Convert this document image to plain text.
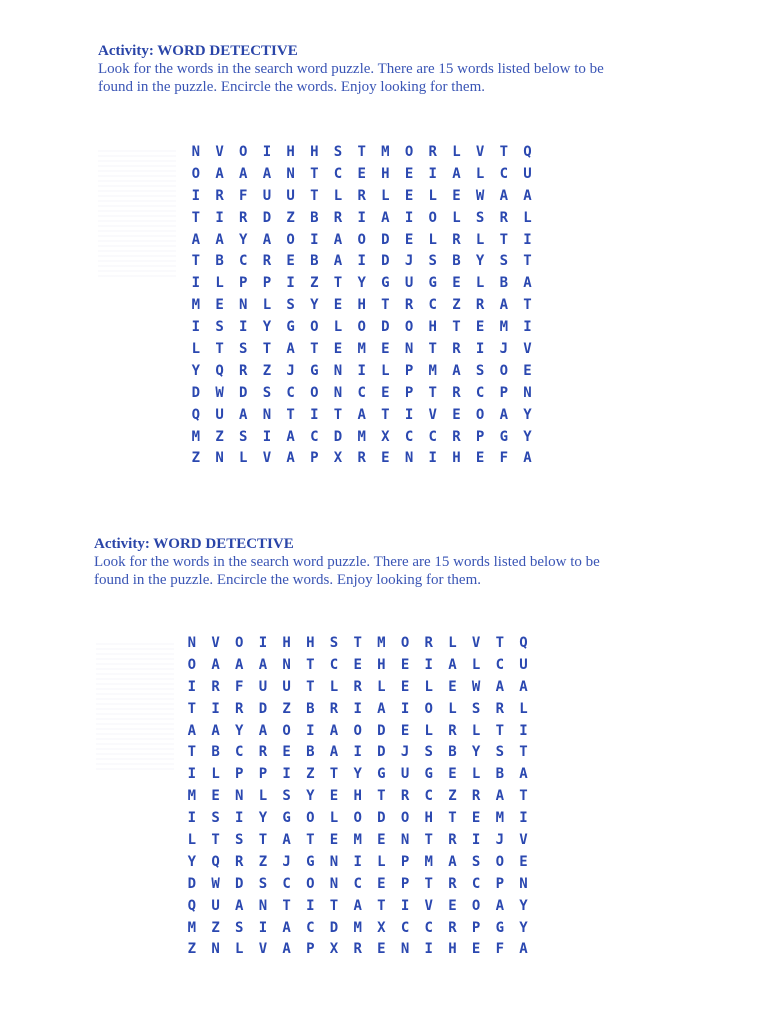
Activity: WORD DETECTIVE
Look for the words in the search word puzzle. There are 15 words listed below to be
found in the puzzle. Encircle the words. Enjoy looking for them.
N	V	O	I	H	H	S	T	M	O	R	L	V	T	Q
O	A	A	A	N	T	C	E	H	E	I	A	L	C	U
I	R	F	U	U	T	L	R	L	E	L	E	W	A	A
T	I	R	D	Z	B	R	I	A	I	O	L	S	R	L
A	A	Y	A	O	I	A	O	D	E	L	R	L	T	I
T	B	C	R	E	B	A	I	D	J	S	B	Y	S	T
I	L	P	P	I	Z	T	Y	G	U	G	E	L	B	A
M	E	N	L	S	Y	E	H	T	R	C	Z	R	A	T
I	S	I	Y	G	O	L	O	D	O	H	T	E	M	I
L	T	S	T	A	T	E	M	E	N	T	R	I	J	V
Y	Q	R	Z	J	G	N	I	L	P	M	A	S	O	E
D	W	D	S	C	O	N	C	E	P	T	R	C	P	N
Q	U	A	N	T	I	T	A	T	I	V	E	O	A	Y
M	Z	S	I	A	C	D	M	X	C	C	R	P	G	Y
Z	N	L	V	A	P	X	R	E	N	I	H	E	F	A
Activity: WORD DETECTIVE
Look for the words in the search word puzzle. There are 15 words listed below to be
found in the puzzle. Encircle the words. Enjoy looking for them.
N	V	O	I	H	H	S	T	M	O	R	L	V	T	Q
O	A	A	A	N	T	C	E	H	E	I	A	L	C	U
I	R	F	U	U	T	L	R	L	E	L	E	W	A	A
T	I	R	D	Z	B	R	I	A	I	O	L	S	R	L
A	A	Y	A	O	I	A	O	D	E	L	R	L	T	I
T	B	C	R	E	B	A	I	D	J	S	B	Y	S	T
I	L	P	P	I	Z	T	Y	G	U	G	E	L	B	A
M	E	N	L	S	Y	E	H	T	R	C	Z	R	A	T
I	S	I	Y	G	O	L	O	D	O	H	T	E	M	I
L	T	S	T	A	T	E	M	E	N	T	R	I	J	V
Y	Q	R	Z	J	G	N	I	L	P	M	A	S	O	E
D	W	D	S	C	O	N	C	E	P	T	R	C	P	N
Q	U	A	N	T	I	T	A	T	I	V	E	O	A	Y
M	Z	S	I	A	C	D	M	X	C	C	R	P	G	Y
Z	N	L	V	A	P	X	R	E	N	I	H	E	F	A
